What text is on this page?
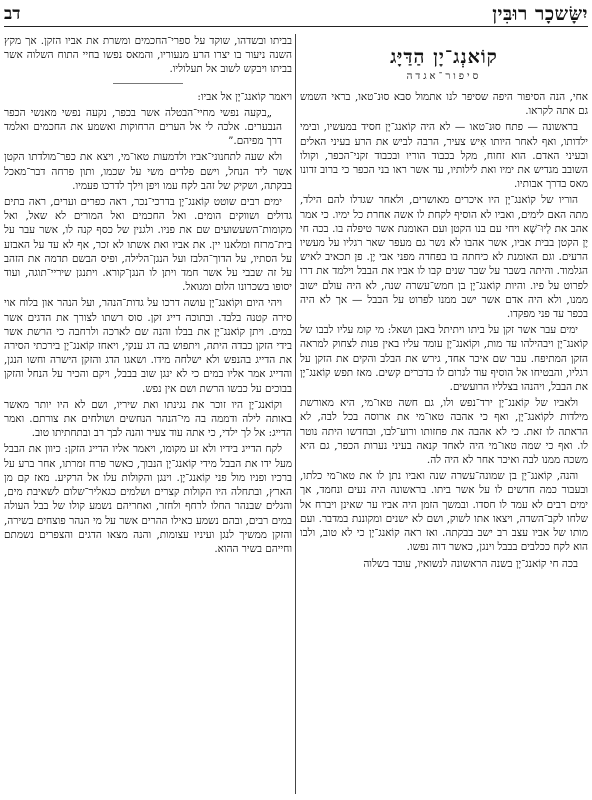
יִשָּׂשכָר רוּבִּין
דב
קוֹאנְג־יָן הַדַּיָּג
סיפור־אגדה

אחי, הנה הסיפור היפה שסיפר לנו אתמול סבא סוּנ־טאו, בראי השמש גם אתה לקראו.

בראשונה — פתח סוּנ־טאו — לא היה קוֹאנג־יָן חסיד במעשיו, ובימי ילדותו, ואף לאחר היותו אִיש צעיר, הרבה לביש את הרע בעיני האלים ובעיני האדם. הוא זחוח, מקל בכבוד הוריו ובכבוד זקני־הכפר, וקולו השובב מגדיש את ימיו ואת לילותיו, עד אשר ראו בני הכפר כי ברוב זדונו מאס בדרך אבותיו.

הוריו של קוֹאנג־יָן היו איכרים מאושרים, ולאחר שגדלו להם הילד, מתה האם לימים, ואביו לא הוסיף לקחת לו אשה אחרת כל ימיו. כי אמר אהב את לְיוּ־שָׁא ויחי עם בנו הקטן ועם האומנת אשר טיפלה בו. בכה חי יֶן הקטן בבית אביו, אשר אהבו לא נשר גם מעפר שאר רגליו על מעשיו הרעים. וגם האומנת לא כיחתה בו בפחדה מפני אבי יֶן. פן תכאיב לאיש הגלמוד. והיתה בשבר על שבר שנים קבו לו אביו את הבבל וילמד את דרו לפרוט על פיו. והיות קוֹאנג־יָן בן חמש־עשרה שנה, לא היה עולם ישוב ממנו, ולא היה אדם אשר ישב ממנו לפרוט על הבבל — אך לא היה בכפר עד פני מפקדו.

ימים עבר אשר זקן על ביתו ויתיתל באבן ושאל: מי קומ עליו לבבו של קוֹאנג־יָן ויבהילהו עד מות, וקוֹאנג־יָן עומד עליו באין פנות לצחוק למראה הזקן המתיפח. עבר שם איכר אחד, גירש את הבלב והקים את הזקן על רגליו, והבטיחו אל הוסיף עוד לגרום לו בדברים קשים. מאז תפש קוֹאנג־יָן את הבבל, ויהנהו בצלליו הרועשים.

ולאביו של קוֹאנג־יָן ירד־נפש ולו, גם חשה טאו־מי, היא מאורשת מילדות לקוֹאנג־יָן, ואף כי אהבה טאו־מי את ארוסה בכל לבה, לא הראתה לו זאת. כי לא אהבה את פחזותו ורוע־לבו, ובחדשו היתה נוטר לו. ואף כי שמה טאו־מי היה לאחד קנאה בעיני נערות הכפר, גם היא משכה ממנו לבה ואיכר אחר לא היה לה.

והנה, קוֹאנג־יָן בן שמונה־עשרה שנה ואביו נתן לו את טאו־מי כלתו, ובעבור כמה חדשים לו על אשר ביתו. בראשונה היה נעים ונחמד, אך ימים רבים לא עמד לו חסדו. ובמשך הזמן היה אביו ער שאינן ויברח אל שלחו לקב־השדה, ויצאו אתו לשוק, ושם לא ישנים ומקוננת במדבר. ועם מותו של אביו עצב רב ישב בבקתה. ואז ראה קוֹאנג־יָן כי לא טוב, ולבו הוא לקח ככלבים בבבל וינגן, כאשר דוה נפשו.

בכה חי קוֹאנג־יָן בשנה הראשונה לנשואיו, עובד בשלוה

בביתו ובשדהו, שוקד על ספרי־החכמים ומשרת את אביו הזקן. אך מקץ השנה ניעור בו יצרו הרע מנעוריו, והמאס נפשו בחיי התוח השלוה אשר בביתו ויבקש לשוב אל תעלוליו.

ויאמר קוֹאנג־יָן אל אביו:

„בקעה נפשי מחיי־הבטלה אשר בכפר, נקעה נפשי מאנשי הכפר הנבערים. אלכה לי אל הערים הרחוקות ואשמע את החכמים ואלמד דרך מפיהם.”

ולא שעה לתחנוני־אביו ולדמעות טאו־מי, ויצא את כפר־מולדתו הקטן אשר ליד הנחל, וישם פלדים משי על שכמו, ותון פרחה דבר־מאכל בבקתה, ושקיק של זהב לקח עמו ויפן וילך לדרכו פעמיו.

ימים רבים שוטט קוֹאנג־יָן בדרכי־נכר, ראה כפרים וערים, ראה בתים גדולים ושווקים הומים. ואל החכמים ואל המורים לא שאל, ואל מקומות־השעשועים שם את פניו. ולגנין של כסף קנה לו, אשר עבר על בית־מרזח ומלאנו יין. את אביו ואת אשתו לא זכר, אף לא עד על האבזע על הסתיו, על הדוך־הלבז ועל הנגן־הלילה, ופיס הבשם תדמה את הזהב על זה שבבי על אשר חמד ויתן לו הנגן־קורא. ויתנגן שיריי־תוגה, ועוד יסופו בשכרונו הלום ומגואל.

ויהי היום וקוֹאנג־יָן עושה דרכו על גדות־הנהר, ועל הנהר און בלוח אוי סירה קטנה בלבד. ובתוכה דייג זקן. סוס רשתו לצורך את הדגים אשר במים. ויתן קוֹאנג־יָן את בבלו והנה שם לארכה ולרחבה כי הרשת אשר בידי הזקן כבדה היתה, ויתפוש בה דג ענקי, ויאחז קוֹאנג־יָן בירכתי הסירה את הדייג בהנפש ולא ישלחה מידו. ושאגו הדג והזקן הישרה וחשו הנגן, והדייג אמר אליו במים כי לא ינגן שוב בבבל, ויקם והכיר על הנחל והזקן בבוכים על כבשו הרשת ושם אין נפש.

וקוֹאנג־יָן היו זוכר את נגינתו ואת שיריו, ושם לא היו יותר מאשר באותה לילה ודממה בה מי־הנהר הנחשים ושולחים את צורתם. ואמר הדייג: אל לך ילדי, כי אתה עוד צעיר והנה לבך רב ובתחתיתו טוב.

לקח הדייג בידיו ולא זע מקומו, ויאמר אליו הדייג הזקן: כיוון את הבבל מעל ידו את הבבל מידי קוֹאנג־יָן הנבוך, כאשר פרח זמרתו, אחר ברע על ברכיו ופניו מול פני קוֹאנג־יָן. וינגן והקולות עלו אל הרקיע. מאז קם מן הארץ, ובתחלה היו הקולות קצרים ושלמים כגאליר־שלום לשאיבת מים, והגלים שבנהר החלו לרחף ולחזר, ואחריהם נשמע קולו של בבל העולה במים רבים, ובהם נשמע כאילו ההרים אשר על מי הנהר פוצחים בשירה, והזקן ממשיך לנגן ועיניו עצומות, והנה מצאו הדגים והצפרים נשמתם וחייהם בשיר ההוא.
